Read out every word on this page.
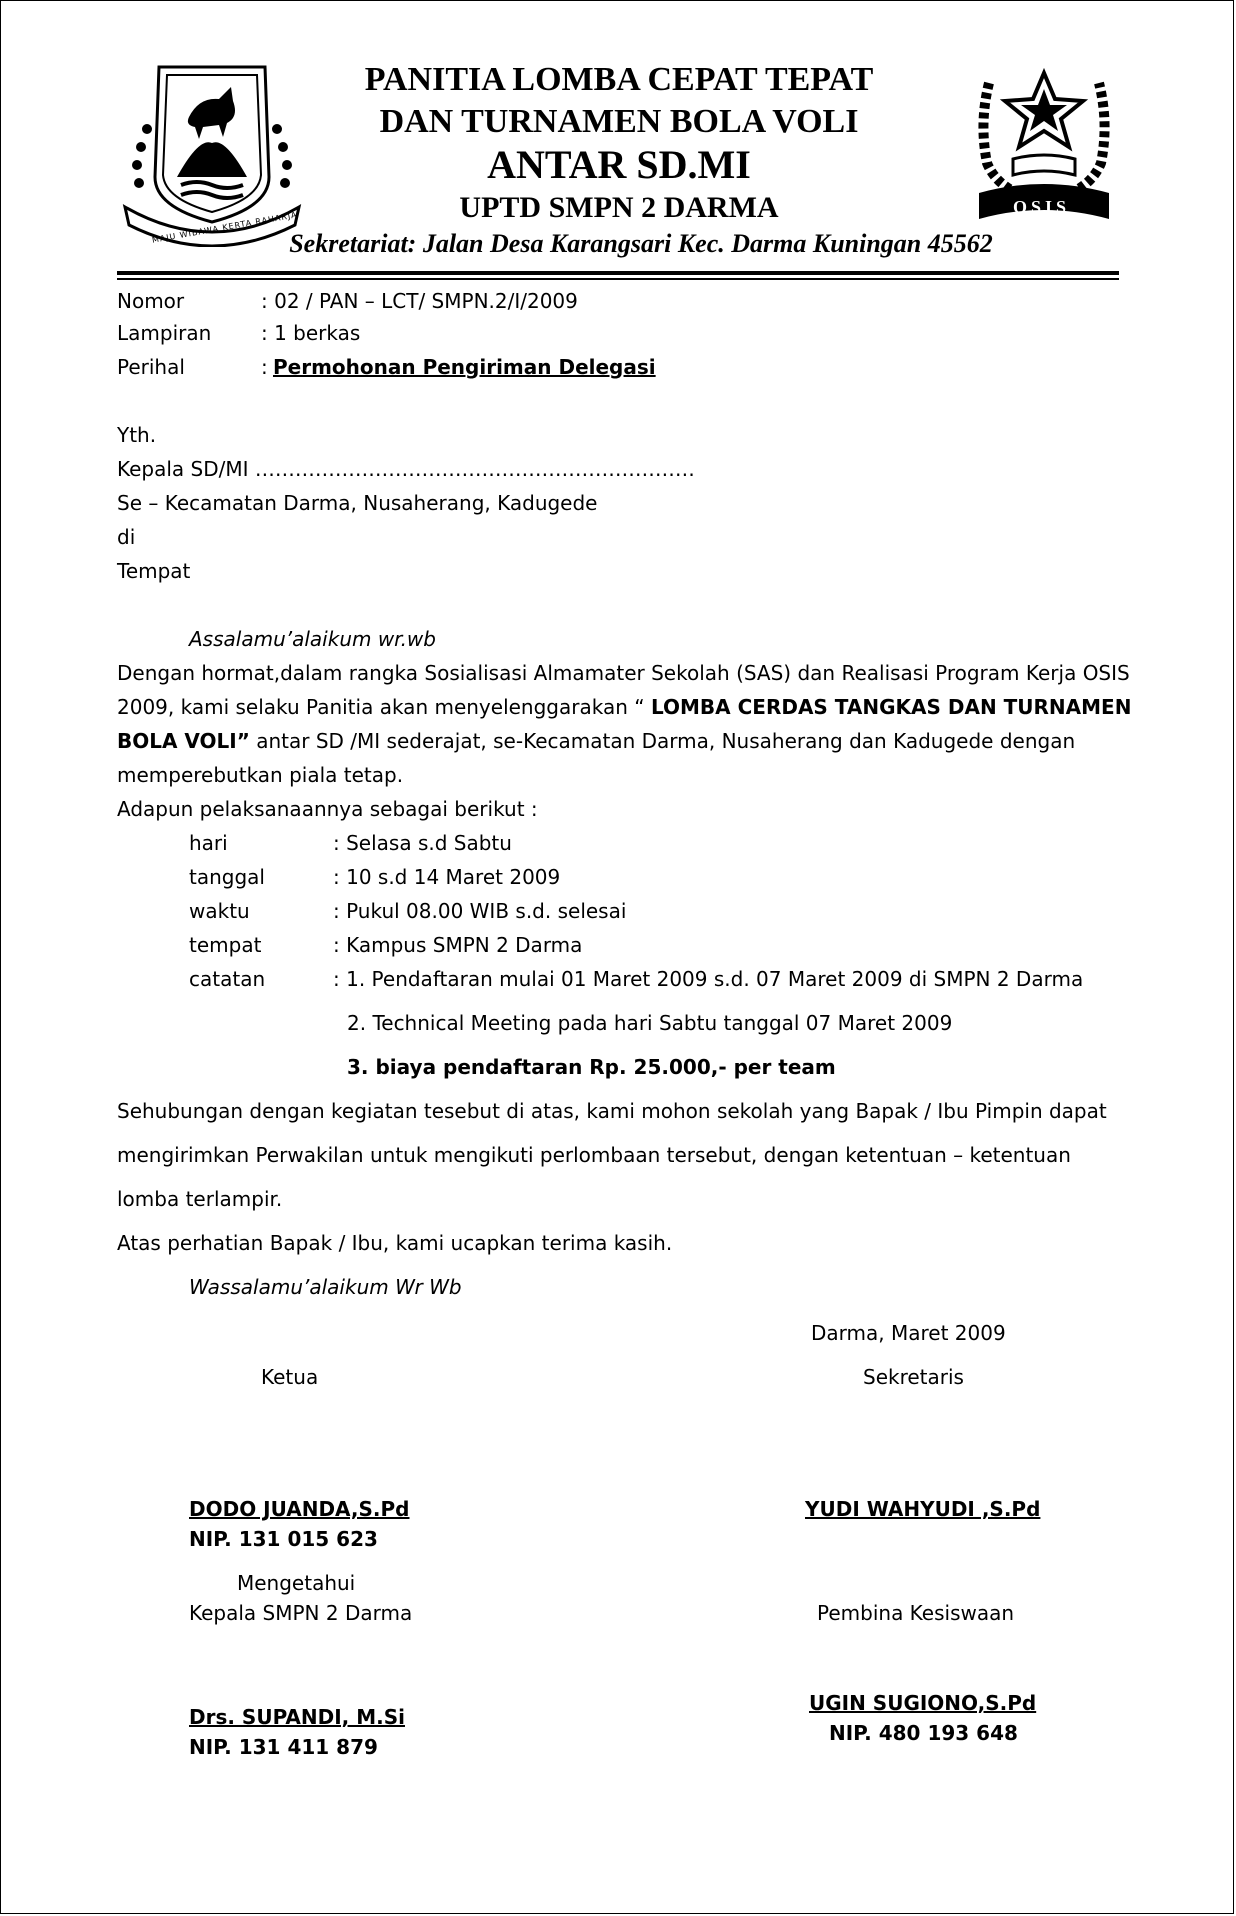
MAJU WIBAWA KERTA RAHARJA
OSIS
PANITIA LOMBA CEPAT TEPAT
DAN TURNAMEN BOLA VOLI
ANTAR SD.MI
UPTD SMPN 2 DARMA
Sekretariat: Jalan Desa Karangsari Kec. Darma Kuningan 45562
Nomor	: 02 / PAN – LCT/ SMPN.2/I/2009
Lampiran : 1 berkas
Perihal	: Permohonan Pengiriman Delegasi
Yth.
Kepala SD/MI …………………………………………………………
Se – Kecamatan Darma, Nusaherang, Kadugede
di
Tempat
Assalamu’alaikum wr.wb
Dengan hormat,dalam rangka Sosialisasi Almamater Sekolah (SAS) dan Realisasi Program Kerja OSIS
2009, kami selaku Panitia akan menyelenggarakan “ LOMBA CERDAS TANGKAS DAN TURNAMEN
BOLA VOLI” antar SD /MI sederajat, se-Kecamatan Darma, Nusaherang dan Kadugede dengan
memperebutkan piala tetap.
Adapun pelaksanaannya sebagai berikut :
hari	: Selasa s.d Sabtu
tanggal	: 10 s.d 14 Maret 2009
waktu	: Pukul 08.00 WIB s.d. selesai
tempat	: Kampus SMPN 2 Darma
catatan	: 1. Pendaftaran mulai 01 Maret 2009 s.d. 07 Maret 2009 di SMPN 2 Darma
2. Technical Meeting pada hari Sabtu tanggal 07 Maret 2009
3. biaya pendaftaran Rp. 25.000,- per team
Sehubungan dengan kegiatan tesebut di atas, kami mohon sekolah yang Bapak / Ibu Pimpin dapat
mengirimkan Perwakilan untuk mengikuti perlombaan tersebut, dengan ketentuan – ketentuan
lomba terlampir.
Atas perhatian Bapak / Ibu, kami ucapkan terima kasih.
Wassalamu’alaikum Wr Wb
Darma, Maret 2009
Ketua	Sekretaris
DODO JUANDA,S.Pd
NIP. 131 015 623
YUDI WAHYUDI ,S.Pd
Mengetahui
Kepala SMPN 2 Darma	Pembina Kesiswaan
Drs. SUPANDI, M.Si
NIP. 131 411 879
UGIN SUGIONO,S.Pd
NIP. 480 193 648
